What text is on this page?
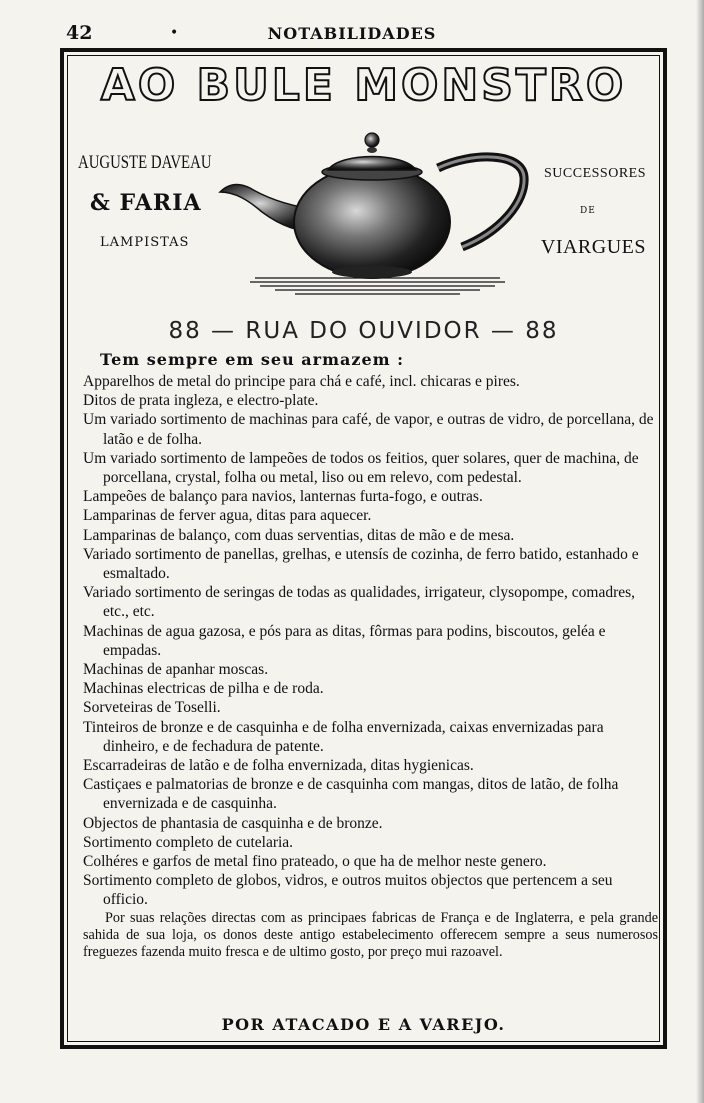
42	•	NOTABILIDADES
AO BULE MONSTRO
AUGUSTE DAVEAU
& FARIA
LAMPISTAS
SUCCESSORES
DE
VIARGUES
88 — RUA DO OUVIDOR — 88
Tem sempre em seu armazem :

Apparelhos de metal do principe para chá e café, incl. chicaras e pires.

Ditos de prata ingleza, e electro-plate.

Um variado sortimento de machinas para café, de vapor, e outras de vidro, de porcellana, de latão e de folha.

Um variado sortimento de lampeões de todos os feitios, quer solares, quer de machina, de porcellana, crystal, folha ou metal, liso ou em relevo, com pedestal.

Lampeões de balanço para navios, lanternas furta-fogo, e outras.

Lamparinas de ferver agua, ditas para aquecer.

Lamparinas de balanço, com duas serventias, ditas de mão e de mesa.

Variado sortimento de panellas, grelhas, e utensís de cozinha, de ferro batido, estanhado e esmaltado.

Variado sortimento de seringas de todas as qualidades, irrigateur, clysopompe, comadres, etc., etc.

Machinas de agua gazosa, e pós para as ditas, fôrmas para podins, biscoutos, geléa e empadas.

Machinas de apanhar moscas.

Machinas electricas de pilha e de roda.

Sorveteiras de Toselli.

Tinteiros de bronze e de casquinha e de folha envernizada, caixas envernizadas para dinheiro, e de fechadura de patente.

Escarradeiras de latão e de folha envernizada, ditas hygienicas.

Castiçaes e palmatorias de bronze e de casquinha com mangas, ditos de latão, de folha envernizada e de casquinha.

Objectos de phantasia de casquinha e de bronze.

Sortimento completo de cutelaria.

Colhéres e garfos de metal fino prateado, o que ha de melhor neste genero.

Sortimento completo de globos, vidros, e outros muitos objectos que pertencem a seu officio.

Por suas relações directas com as principaes fabricas de França e de Inglaterra, e pela grande sahida de sua loja, os donos deste antigo estabelecimento offerecem sempre a seus numerosos freguezes fazenda muito fresca e de ultimo gosto, por preço mui razoavel.

POR ATACADO E A VAREJO.
